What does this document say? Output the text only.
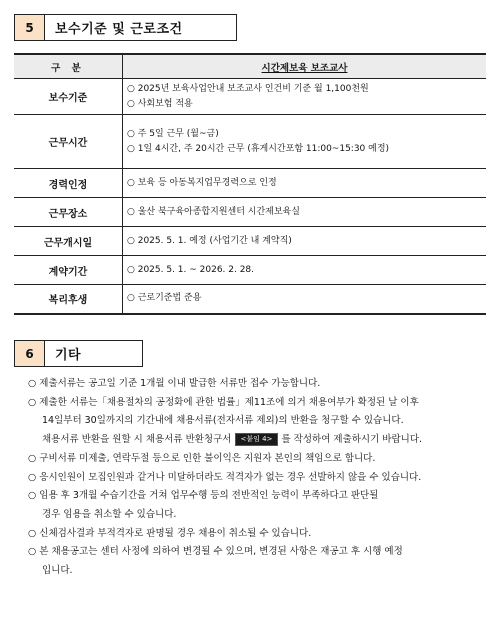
5	보수기준 및 근로조건
구 분	시간제보육 보조교사
보수기준	○ 2025년 보육사업안내 보조교사 인건비 기준 월 1,100천원
○ 사회보험 적용

근무시간	○ 주 5일 근무 (월~금)
○ 1일 4시간, 주 20시간 근무 (휴게시간포함 11:00~15:30 예정)

경력인정	○ 보육 등 아동복지업무경력으로 인정

근무장소	○ 울산 북구육아종합지원센터 시간제보육실

근무개시일	○ 2025. 5. 1. 예정 (사업기간 내 계약직)

계약기간	○ 2025. 5. 1. ~ 2026. 2. 28.

복리후생	○ 근로기준법 준용
6	기타
○ 제출서류는 공고일 기준 1개월 이내 발급한 서류만 접수 가능합니다.
○ 제출한 서류는「채용절차의 공정화에 관한 법률」제11조에 의거 채용여부가 확정된 날 이후
14일부터 30일까지의 기간내에 채용서류(전자서류 제외)의 반환을 청구할 수 있습니다.
채용서류 반환을 원할 시 채용서류 반환청구서 <붙임 4> 를 작성하여 제출하시기 바랍니다.
○ 구비서류 미제출, 연락두절 등으로 인한 불이익은 지원자 본인의 책임으로 합니다.
○ 응시인원이 모집인원과 같거나 미달하더라도 적격자가 없는 경우 선발하지 않을 수 있습니다.
○ 임용 후 3개월 수습기간을 거쳐 업무수행 등의 전반적인 능력이 부족하다고 판단될
경우 임용을 취소할 수 있습니다.
○ 신체검사결과 부적격자로 판명될 경우 채용이 취소될 수 있습니다.
○ 본 채용공고는 센터 사정에 의하여 변경될 수 있으며, 변경된 사항은 재공고 후 시행 예정
입니다.
